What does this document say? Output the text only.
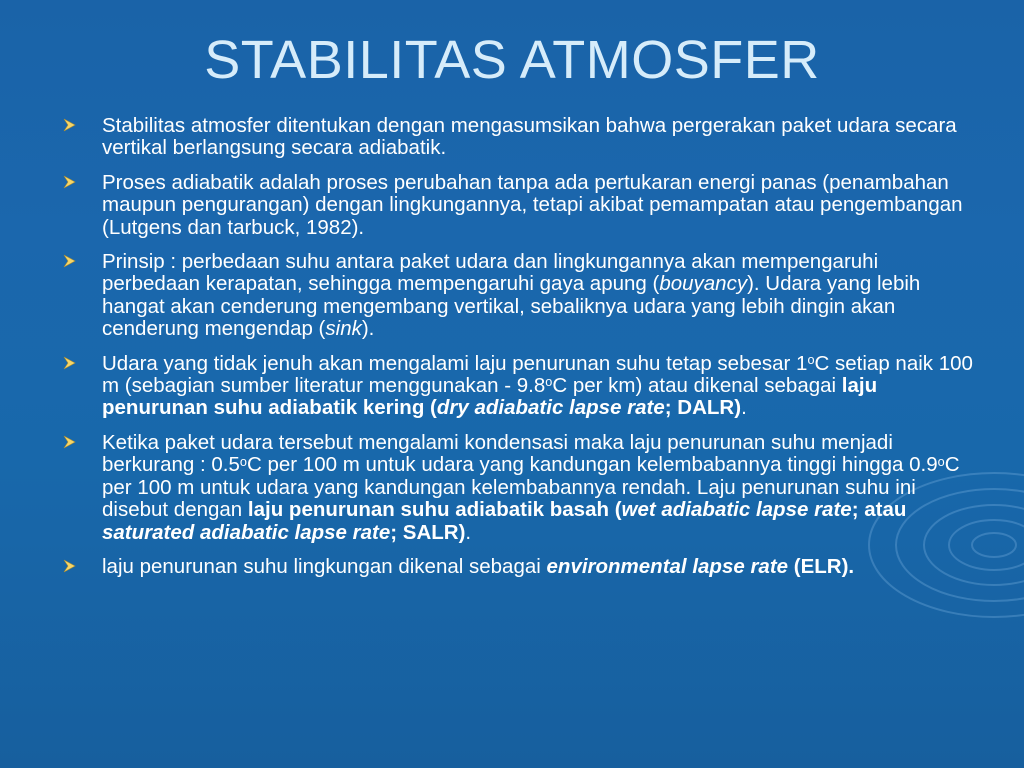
STABILITAS ATMOSFER
Stabilitas atmosfer ditentukan dengan mengasumsikan bahwa pergerakan paket udara secara vertikal berlangsung secara adiabatik.
Proses adiabatik adalah proses perubahan tanpa ada pertukaran energi panas (penambahan maupun pengurangan) dengan lingkungannya, tetapi akibat pemampatan atau pengembangan (Lutgens dan tarbuck, 1982).
Prinsip : perbedaan suhu antara paket udara dan lingkungannya akan mempengaruhi perbedaan kerapatan, sehingga mempengaruhi gaya apung (bouyancy). Udara yang lebih hangat akan cenderung mengembang vertikal, sebaliknya udara yang lebih dingin akan cenderung mengendap (sink).
Udara yang tidak jenuh akan mengalami laju penurunan suhu tetap sebesar 1$^o$C setiap naik 100 m (sebagian sumber literatur menggunakan - 9.8$^o$C per km) atau dikenal sebagai laju penurunan suhu adiabatik kering (dry adiabatic lapse rate; DALR).
Ketika paket udara tersebut mengalami kondensasi maka laju penurunan suhu menjadi berkurang : 0.5$^o$C per 100 m untuk udara yang kandungan kelembabannya tinggi hingga 0.9$^o$C per 100 m untuk udara yang kandungan kelembabannya rendah. Laju penurunan suhu ini disebut dengan laju penurunan suhu adiabatik basah (wet adiabatic lapse rate; atau saturated adiabatic lapse rate; SALR).
laju penurunan suhu lingkungan dikenal sebagai environmental lapse rate (ELR).
